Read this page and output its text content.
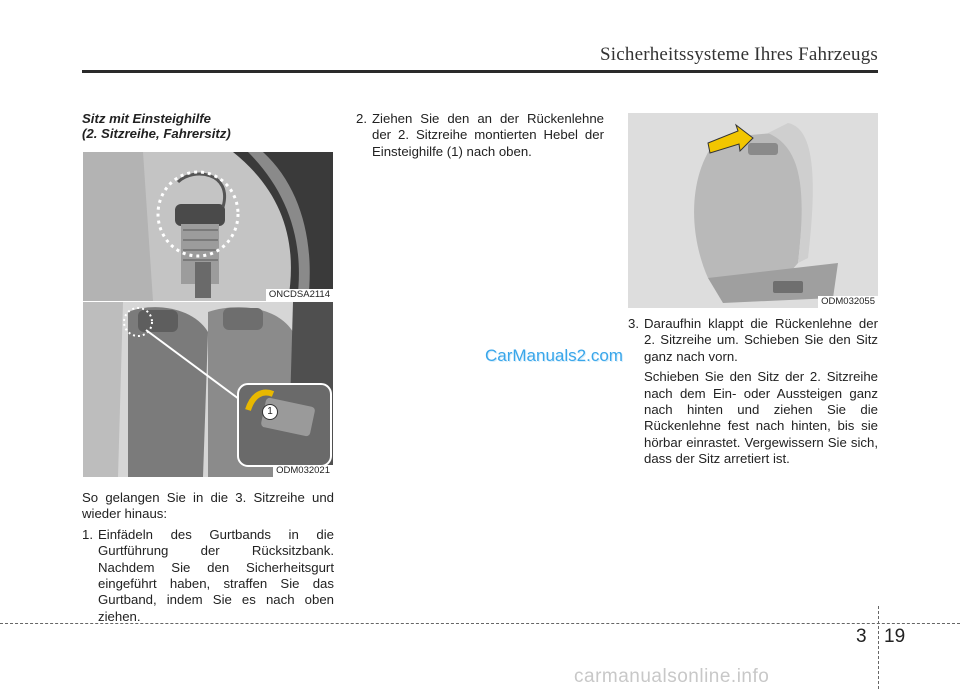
Sicherheitssysteme Ihres Fahrzeugs
Sitz mit Einsteighilfe
(2. Sitzreihe, Fahrersitz)
ONCDSA2114
1
ODM032021
So gelangen Sie in die 3. Sitzreihe und wieder hinaus:
1. Einfädeln des Gurtbands in die Gurtführung der Rücksitzbank. Nachdem Sie den Sicherheitsgurt eingeführt haben, straffen Sie das Gurtband, indem Sie es nach oben ziehen.
2. Ziehen Sie den an der Rückenlehne der 2. Sitzreihe montierten Hebel der Einsteighilfe (1) nach oben.
CarManuals2.com
ODM032055
3. Daraufhin klappt die Rückenlehne der 2. Sitzreihe um. Schieben Sie den Sitz ganz nach vorn.
Schieben Sie den Sitz der 2. Sitzreihe nach dem Ein- oder Aussteigen ganz nach hinten und ziehen Sie die Rückenlehne fest nach hinten, bis sie hörbar einrastet. Vergewissern Sie sich, dass der Sitz arretiert ist.
3 19
carmanualsonline.info
